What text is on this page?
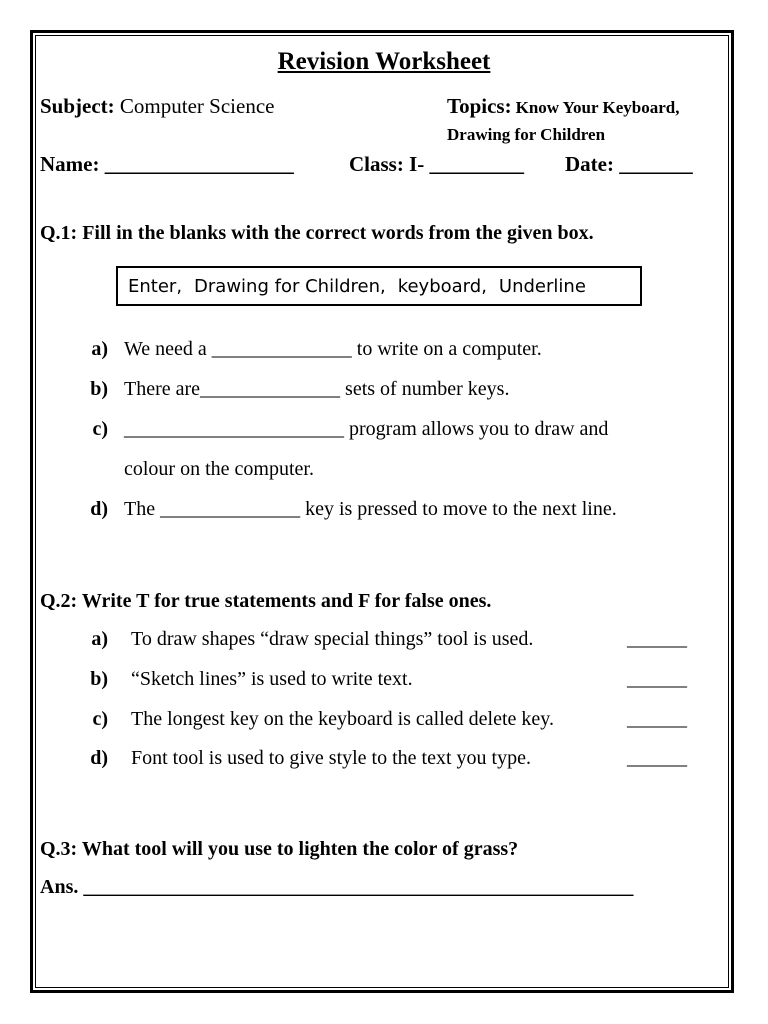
Revision Worksheet
Subject: Computer Science	Topics: Know Your Keyboard,
Drawing for Children
Name: __________________	Class: I- _________ Date: _______
Q.1: Fill in the blanks with the correct words from the given box.
Enter, Drawing for Children, keyboard, Underline
a) We need a ______________ to write on a computer.
b) There are______________ sets of number keys.
c) ______________________ program allows you to draw and
colour on the computer.
d) The ______________ key is pressed to move to the next line.
Q.2: Write T for true statements and F for false ones.
a) To draw shapes “draw special things” tool is used.	______
b) “Sketch lines” is used to write text.	______
c) The longest key on the keyboard is called delete key.	______
d) Font tool is used to give style to the text you type.	______
Q.3: What tool will you use to lighten the color of grass?
Ans. _______________________________________________________
